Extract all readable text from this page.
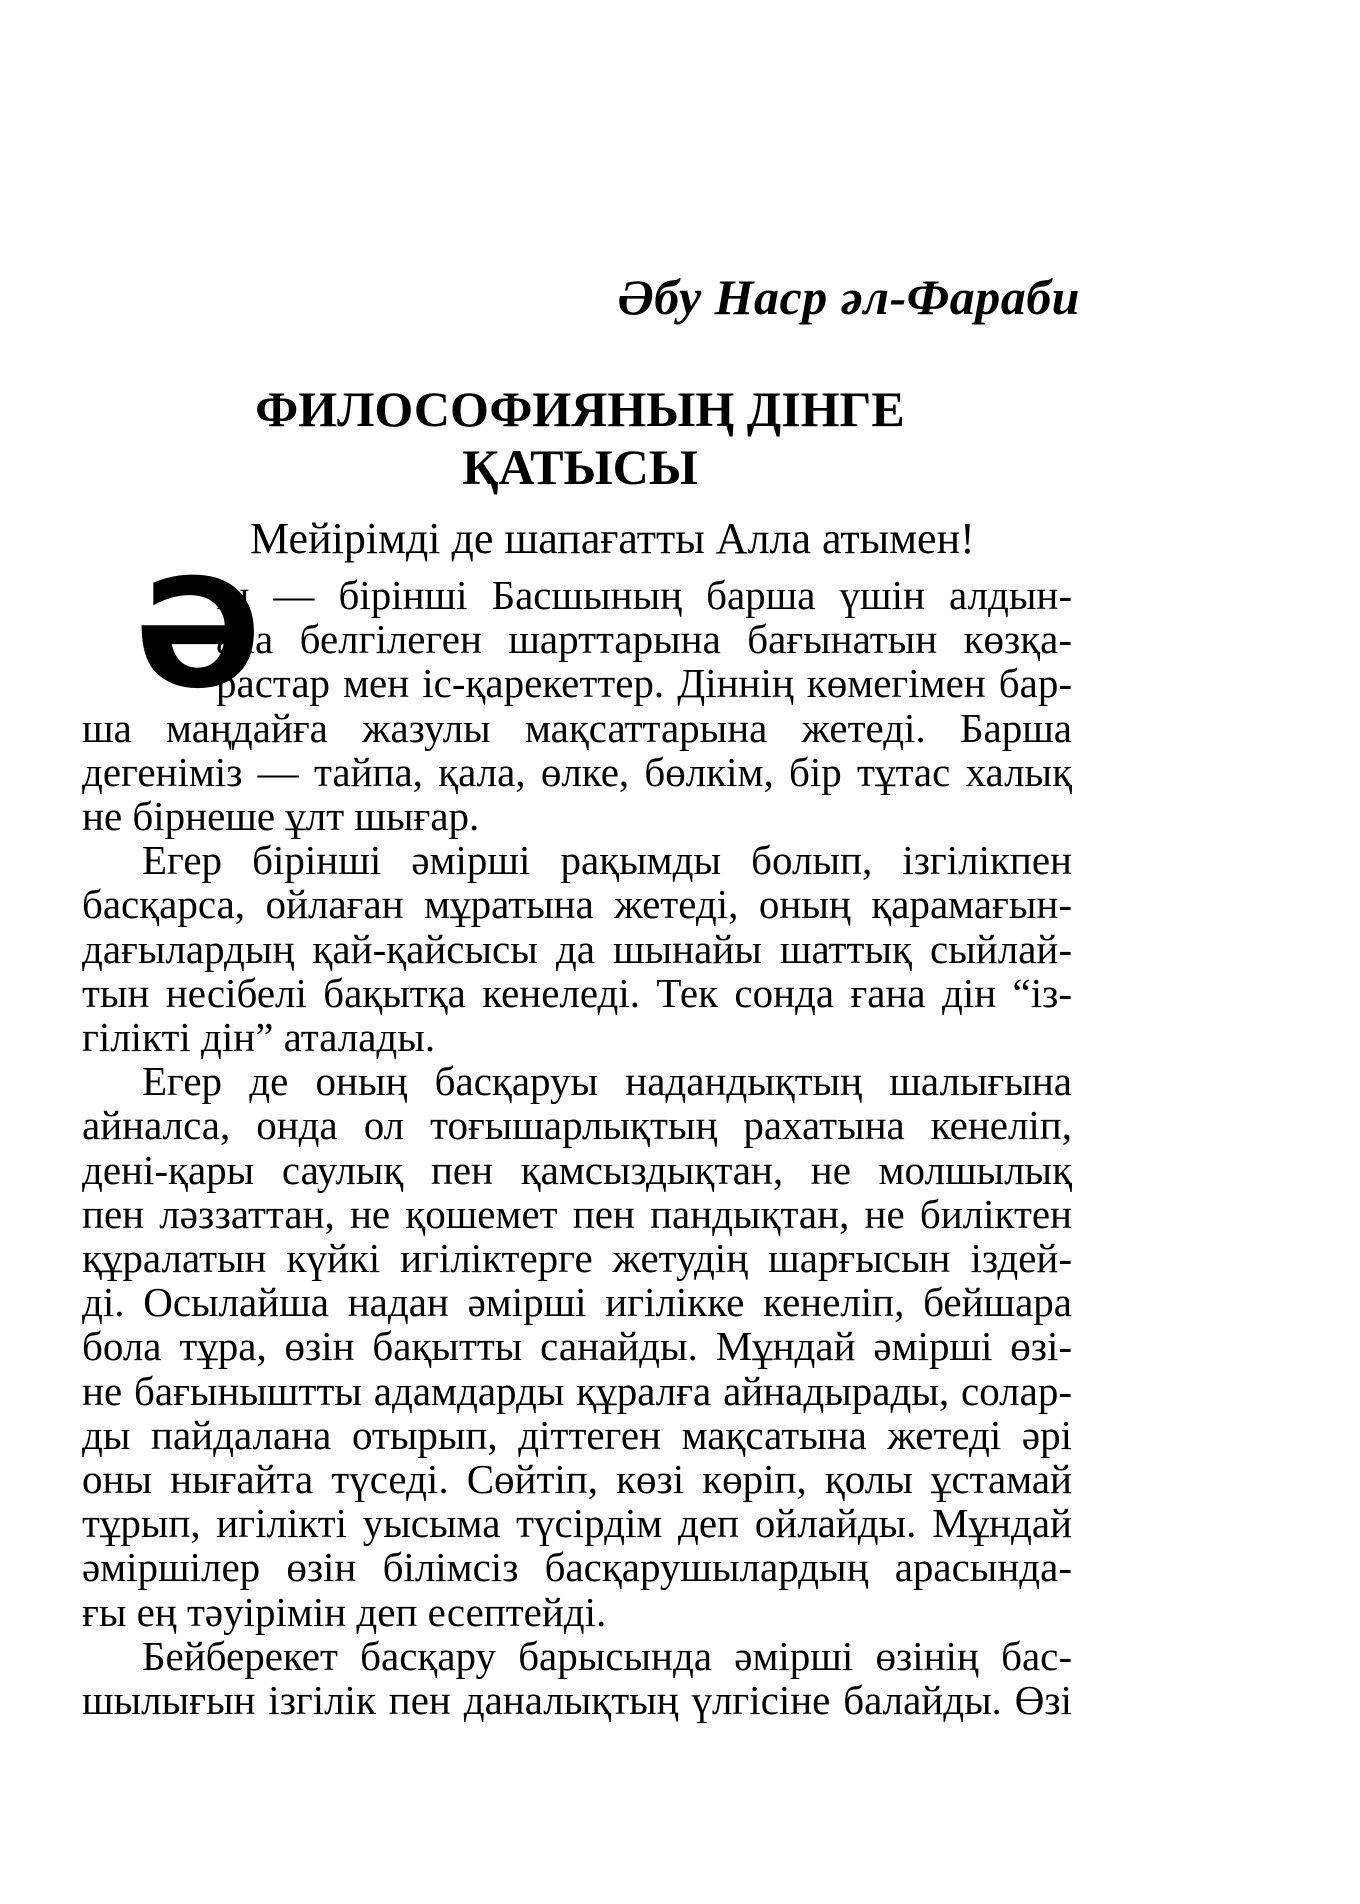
Әбу Наср әл-Фараби
ФИЛОСОФИЯНЫҢ ДІНГЕ
ҚАТЫСЫ
Мейірімді де шапағатты Алла атымен!
Ә
ін — бірінші Басшының барша үшін алдын-
ала белгілеген шарттарына бағынатын көзқа-
растар мен іс-қарекеттер. Діннің көмегімен бар-
ша маңдайға жазулы мақсаттарына жетеді. Барша
дегеніміз — тайпа, қала, өлке, бөлкім, бір тұтас халық
не бірнеше ұлт шығар.
Егер бірінші әмірші рақымды болып, ізгілікпен
басқарса, ойлаған мұратына жетеді, оның қарамағын-
дағылардың қай-қайсысы да шынайы шаттық сыйлай-
тын несібелі бақытқа кенеледі. Тек сонда ғана дін “із-
гілікті дін” аталады.
Егер де оның басқаруы надандықтың шалығына
айналса, онда ол тоғышарлықтың рахатына кенеліп,
дені-қары саулық пен қамсыздықтан, не молшылық
пен ләззаттан, не қошемет пен пандықтан, не биліктен
құралатын күйкі игіліктерге жетудің шарғысын іздей-
ді. Осылайша надан әмірші игілікке кенеліп, бейшара
бола тұра, өзін бақытты санайды. Мұндай әмірші өзі-
не бағыныштты адамдарды құралға айнадырады, солар-
ды пайдалана отырып, діттеген мақсатына жетеді әрі
оны нығайта түседі. Сөйтіп, көзі көріп, қолы ұстамай
тұрып, игілікті уысыма түсірдім деп ойлайды. Мұндай
әміршілер өзін білімсіз басқарушылардың арасында-
ғы ең тәуірімін деп есептейді.
Бейберекет басқару барысында әмірші өзінің бас-
шылығын ізгілік пен даналықтың үлгісіне балайды. Өзі
